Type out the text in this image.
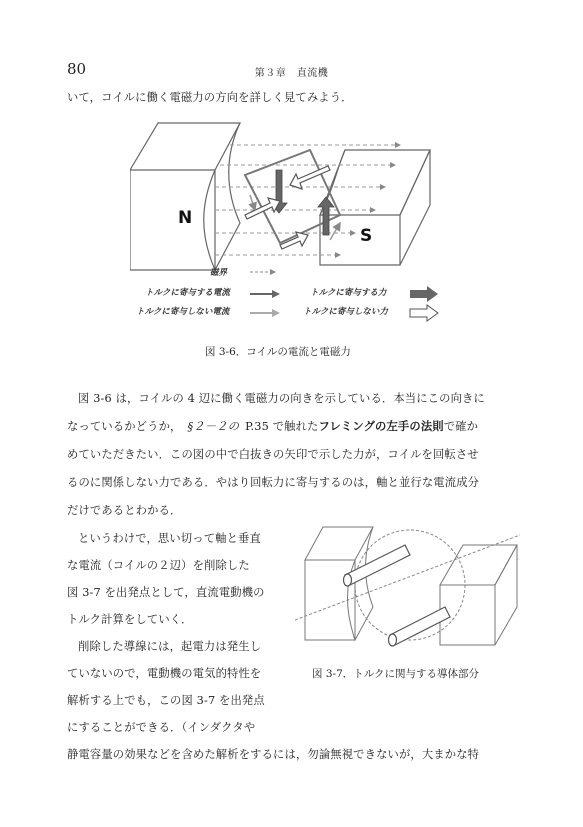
80	第３章　直流機
いて，コイルに働く電磁力の方向を詳しく見てみよう．
N
S
磁界
トルクに寄与する電流
トルクに寄与しない電流
トルクに寄与する力
トルクに寄与しない力
図 3-6．コイルの電流と電磁力
図 3-6 は，コイルの 4 辺に働く電磁力の向きを示している．本当にこの向きに
なっているかどうか， §２－２の P.35 で触れたフレミングの左手の法則で確か
めていただきたい．この図の中で白抜きの矢印で示した力が，コイルを回転させ
るのに関係しない力である．やはり回転力に寄与するのは，軸と並行な電流成分
だけであるとわかる．
というわけで，思い切って軸と垂直
な電流（コイルの２辺）を削除した
図 3-7 を出発点として，直流電動機の
トルク計算をしていく．
削除した導線には，起電力は発生し
ていないので，電動機の電気的特性を
解析する上でも，この図 3-7 を出発点
にすることができる．（インダクタや
静電容量の効果などを含めた解析をするには，勿論無視できないが，大まかな特
図 3-7．トルクに関与する導体部分
